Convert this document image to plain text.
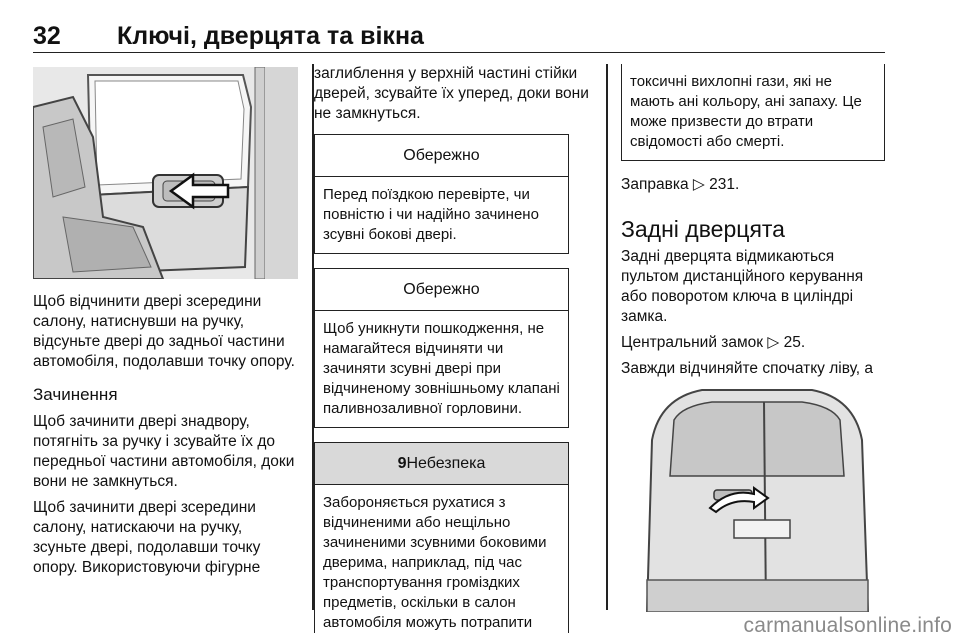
32 Ключі, дверцята та вікна

Щоб відчинити двері зсередини салону, натиснувши на ручку, відсуньте двері до задньої частини автомобіля, подолавши точку опору.

Зачинення

Щоб зачинити двері знадвору, потягніть за ручку і зсувайте їх до передньої частини автомобіля, доки вони не замкнуться.

Щоб зачинити двері зсередини салону, натискаючи на ручку, зсуньте двері, подолавши точку опору. Використовуючи фігурне

заглиблення у верхній частині стійки дверей, зсувайте їх уперед, доки вони не замкнуться.

Обережно
Перед поїздкою перевірте, чи повністю і чи надійно зачинено зсувні бокові двері.
Обережно
Щоб уникнути пошкодження, не намагайтеся відчиняти чи зачиняти зсувні двері при відчиненому зовнішньому клапані паливнозаливної горловини.
9Небезпека
Забороняється рухатися з відчиненими або нещільно зачиненими зсувними боковими дверима, наприклад, під час транспортування громіздких предметів, оскільки в салон автомобіля можуть потрапити
токсичні вихлопні гази, які не мають ані кольору, ані запаху. Це може призвести до втрати свідомості або смерті.

Заправка ▷ 231.

Задні дверцята

Задні дверцята відмикаються пультом дистанційного керування або поворотом ключа в циліндрі замка.

Центральний замок ▷ 25.

Завжди відчиняйте спочатку ліву, а

carmanualsonline.info
